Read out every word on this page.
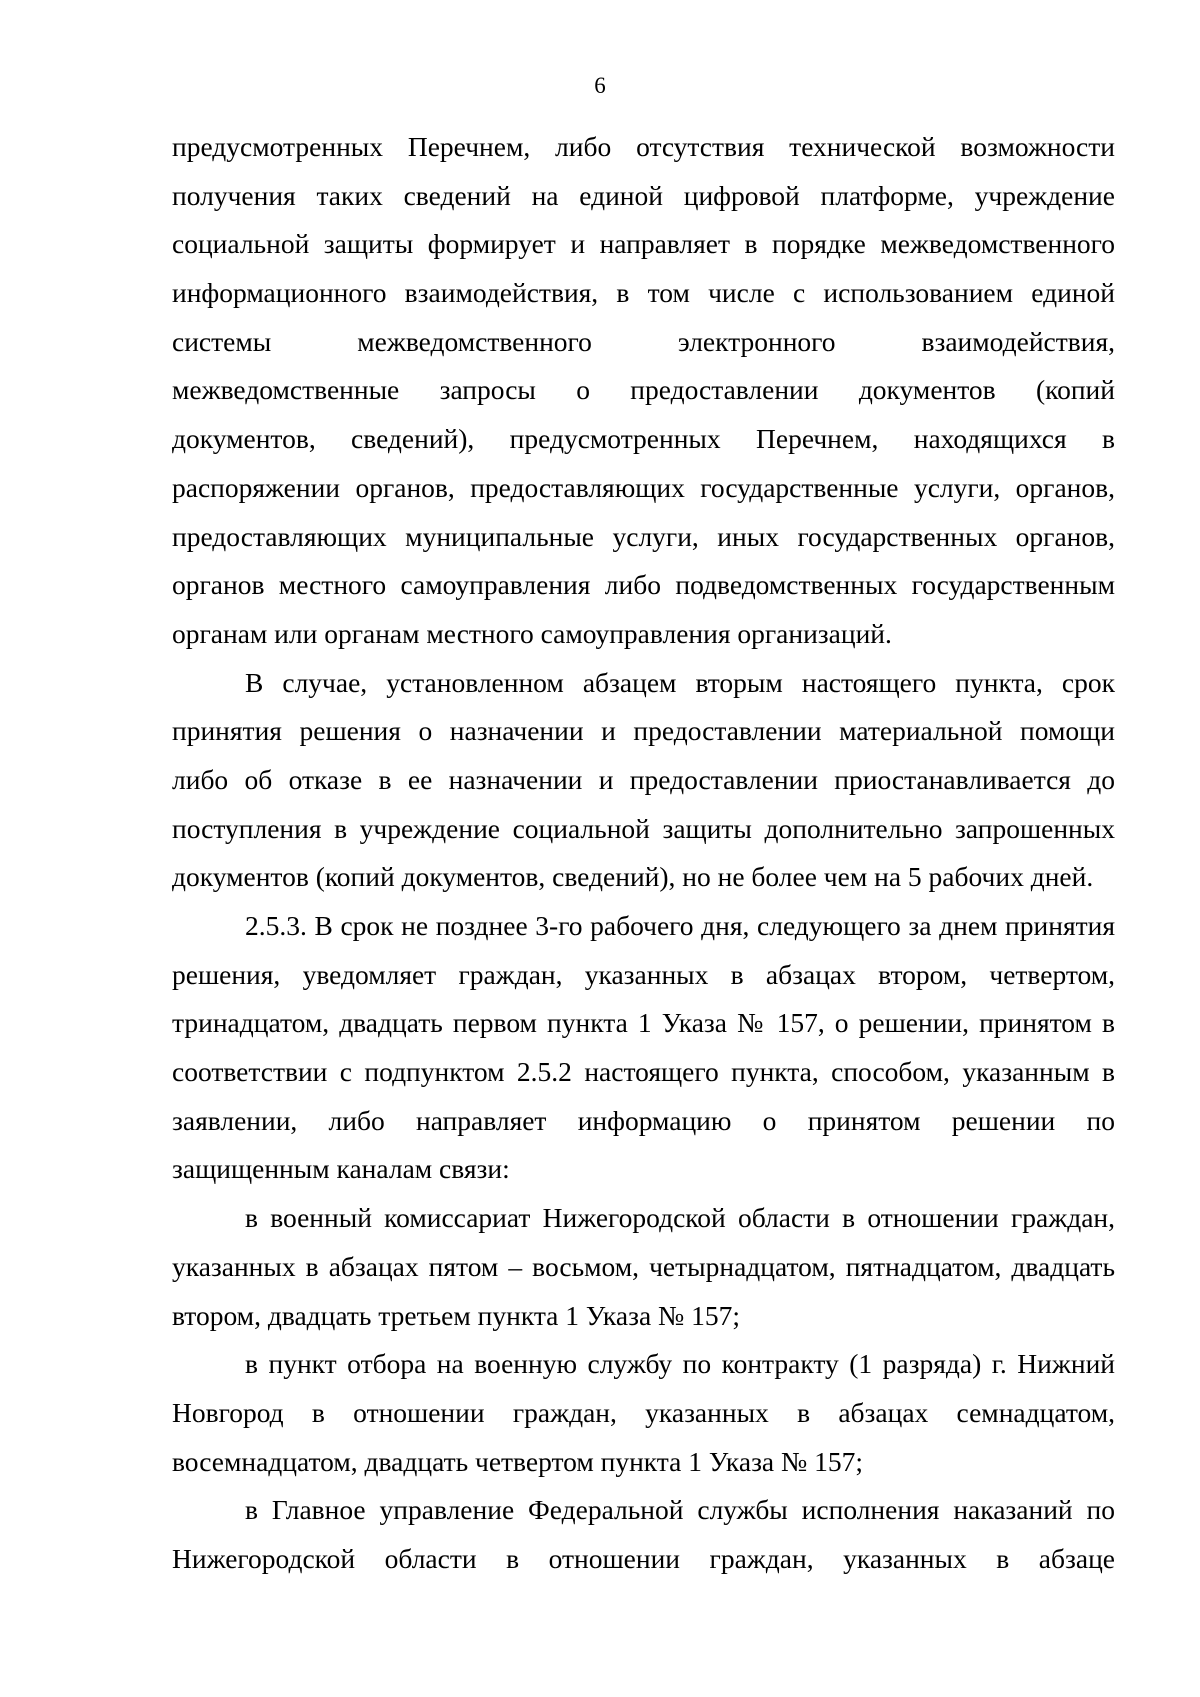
6
предусмотренных Перечнем, либо отсутствия технической возможности
получения таких сведений на единой цифровой платформе, учреждение
социальной защиты формирует и направляет в порядке межведомственного
информационного взаимодействия, в том числе с использованием единой
системы межведомственного электронного взаимодействия,
межведомственные запросы о предоставлении документов (копий
документов, сведений), предусмотренных Перечнем, находящихся в
распоряжении органов, предоставляющих государственные услуги, органов,
предоставляющих муниципальные услуги, иных государственных органов,
органов местного самоуправления либо подведомственных государственным
органам или органам местного самоуправления организаций.
В случае, установленном абзацем вторым настоящего пункта, срок
принятия решения о назначении и предоставлении материальной помощи
либо об отказе в ее назначении и предоставлении приостанавливается до
поступления в учреждение социальной защиты дополнительно запрошенных
документов (копий документов, сведений), но не более чем на 5 рабочих дней.
2.5.3. В срок не позднее 3-го рабочего дня, следующего за днем принятия
решения, уведомляет граждан, указанных в абзацах втором, четвертом,
тринадцатом, двадцать первом пункта 1 Указа № 157, о решении, принятом в
соответствии с подпунктом 2.5.2 настоящего пункта, способом, указанным в
заявлении, либо направляет информацию о принятом решении по
защищенным каналам связи:
в военный комиссариат Нижегородской области в отношении граждан,
указанных в абзацах пятом – восьмом, четырнадцатом, пятнадцатом, двадцать
втором, двадцать третьем пункта 1 Указа № 157;
в пункт отбора на военную службу по контракту (1 разряда) г. Нижний
Новгород в отношении граждан, указанных в абзацах семнадцатом,
восемнадцатом, двадцать четвертом пункта 1 Указа № 157;
в Главное управление Федеральной службы исполнения наказаний по
Нижегородской области в отношении граждан, указанных в абзаце
